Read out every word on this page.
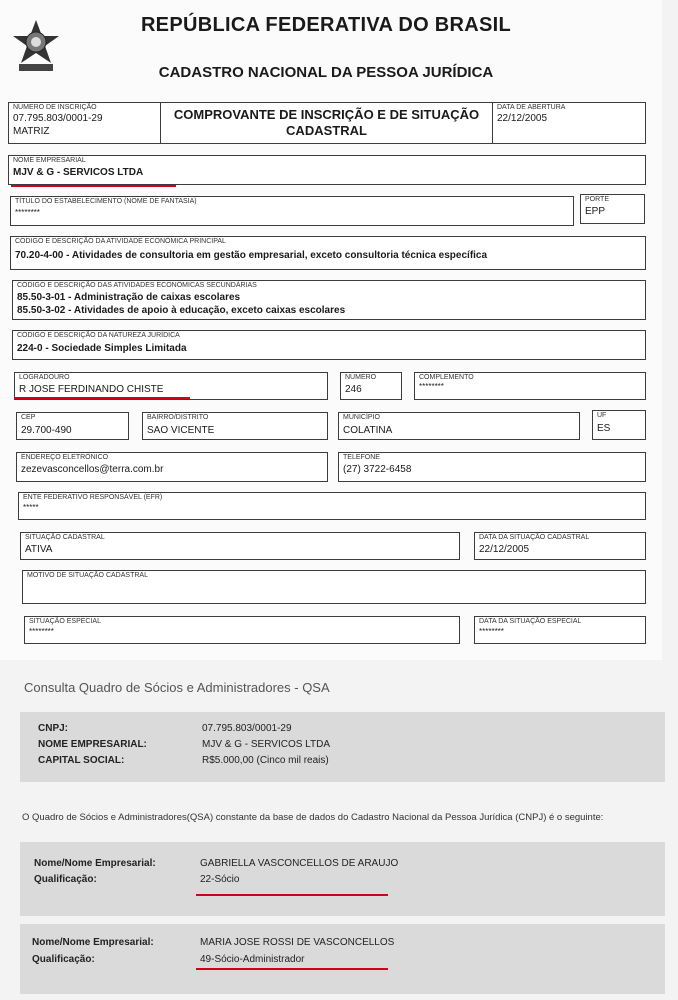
REPÚBLICA FEDERATIVA DO BRASIL
CADASTRO NACIONAL DA PESSOA JURÍDICA
NÚMERO DE INSCRIÇÃO
07.795.803/0001-29
MATRIZ
COMPROVANTE DE INSCRIÇÃO E DE SITUAÇÃO CADASTRAL
DATA DE ABERTURA
22/12/2005
NOME EMPRESARIAL
MJV & G - SERVICOS LTDA
TÍTULO DO ESTABELECIMENTO (NOME DE FANTASIA)
********
PORTE
EPP
CÓDIGO E DESCRIÇÃO DA ATIVIDADE ECONÔMICA PRINCIPAL
70.20-4-00 - Atividades de consultoria em gestão empresarial, exceto consultoria técnica específica
CÓDIGO E DESCRIÇÃO DAS ATIVIDADES ECONÔMICAS SECUNDÁRIAS
85.50-3-01 - Administração de caixas escolares
85.50-3-02 - Atividades de apoio à educação, exceto caixas escolares
CÓDIGO E DESCRIÇÃO DA NATUREZA JURÍDICA
224-0 - Sociedade Simples Limitada
LOGRADOURO
R JOSE FERDINANDO CHISTE
NÚMERO
246
COMPLEMENTO
********
CEP
29.700-490
BAIRRO/DISTRITO
SAO VICENTE
MUNICÍPIO
COLATINA
UF
ES
ENDEREÇO ELETRÔNICO
zezevasconcellos@terra.com.br
TELEFONE
(27) 3722-6458
ENTE FEDERATIVO RESPONSÁVEL (EFR)
*****
SITUAÇÃO CADASTRAL
ATIVA
DATA DA SITUAÇÃO CADASTRAL
22/12/2005
MOTIVO DE SITUAÇÃO CADASTRAL
SITUAÇÃO ESPECIAL
********
DATA DA SITUAÇÃO ESPECIAL
********
Consulta Quadro de Sócios e Administradores - QSA
CNPJ:	07.795.803/0001-29
NOME EMPRESARIAL:	MJV & G - SERVICOS LTDA
CAPITAL SOCIAL:	R$5.000,00 (Cinco mil reais)
O Quadro de Sócios e Administradores(QSA) constante da base de dados do Cadastro Nacional da Pessoa Jurídica (CNPJ) é o seguinte:
Nome/Nome Empresarial:	GABRIELLA VASCONCELLOS DE ARAUJO
Qualificação:	22-Sócio
Nome/Nome Empresarial:	MARIA JOSE ROSSI DE VASCONCELLOS
Qualificação:	49-Sócio-Administrador
